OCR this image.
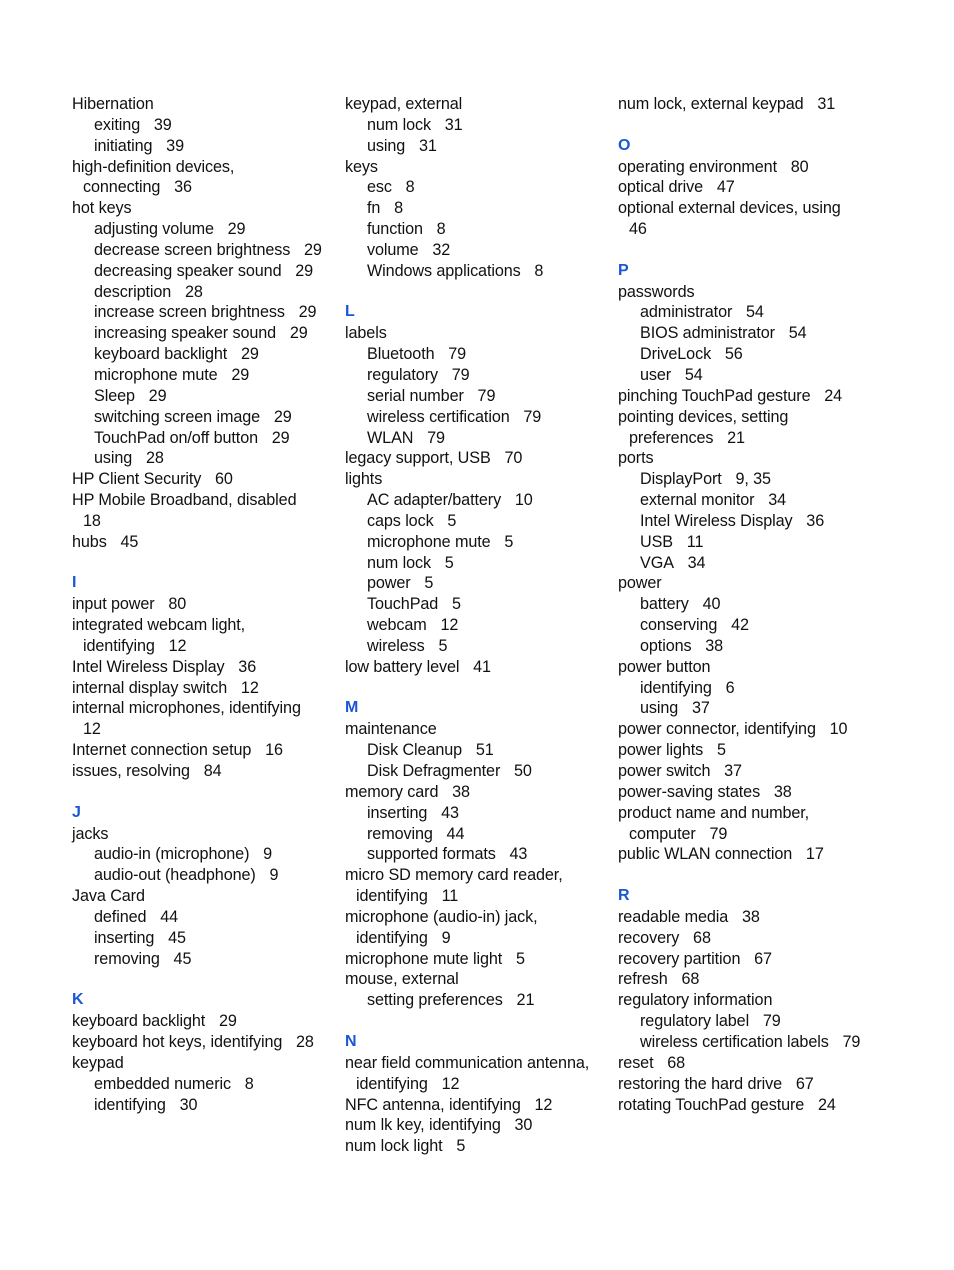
Hibernation
exiting 39
initiating 39
high-definition devices,
connecting 36
hot keys
adjusting volume 29
decrease screen brightness 29
decreasing speaker sound 29
description 28
increase screen brightness 29
increasing speaker sound 29
keyboard backlight 29
microphone mute 29
Sleep 29
switching screen image 29
TouchPad on/off button 29
using 28
HP Client Security 60
HP Mobile Broadband, disabled
18
hubs 45
I
input power 80
integrated webcam light,
identifying 12
Intel Wireless Display 36
internal display switch 12
internal microphones, identifying
12
Internet connection setup 16
issues, resolving 84
J
jacks
audio-in (microphone) 9
audio-out (headphone) 9
Java Card
defined 44
inserting 45
removing 45
K
keyboard backlight 29
keyboard hot keys, identifying 28
keypad
embedded numeric 8
identifying 30
keypad, external
num lock 31
using 31
keys
esc 8
fn 8
function 8
volume 32
Windows applications 8
L
labels
Bluetooth 79
regulatory 79
serial number 79
wireless certification 79
WLAN 79
legacy support, USB 70
lights
AC adapter/battery 10
caps lock 5
microphone mute 5
num lock 5
power 5
TouchPad 5
webcam 12
wireless 5
low battery level 41
M
maintenance
Disk Cleanup 51
Disk Defragmenter 50
memory card 38
inserting 43
removing 44
supported formats 43
micro SD memory card reader,
identifying 11
microphone (audio-in) jack,
identifying 9
microphone mute light 5
mouse, external
setting preferences 21
N
near field communication antenna,
identifying 12
NFC antenna, identifying 12
num lk key, identifying 30
num lock light 5
num lock, external keypad 31
O
operating environment 80
optical drive 47
optional external devices, using
46
P
passwords
administrator 54
BIOS administrator 54
DriveLock 56
user 54
pinching TouchPad gesture 24
pointing devices, setting
preferences 21
ports
DisplayPort 9, 35
external monitor 34
Intel Wireless Display 36
USB 11
VGA 34
power
battery 40
conserving 42
options 38
power button
identifying 6
using 37
power connector, identifying 10
power lights 5
power switch 37
power-saving states 38
product name and number,
computer 79
public WLAN connection 17
R
readable media 38
recovery 68
recovery partition 67
refresh 68
regulatory information
regulatory label 79
wireless certification labels 79
reset 68
restoring the hard drive 67
rotating TouchPad gesture 24
